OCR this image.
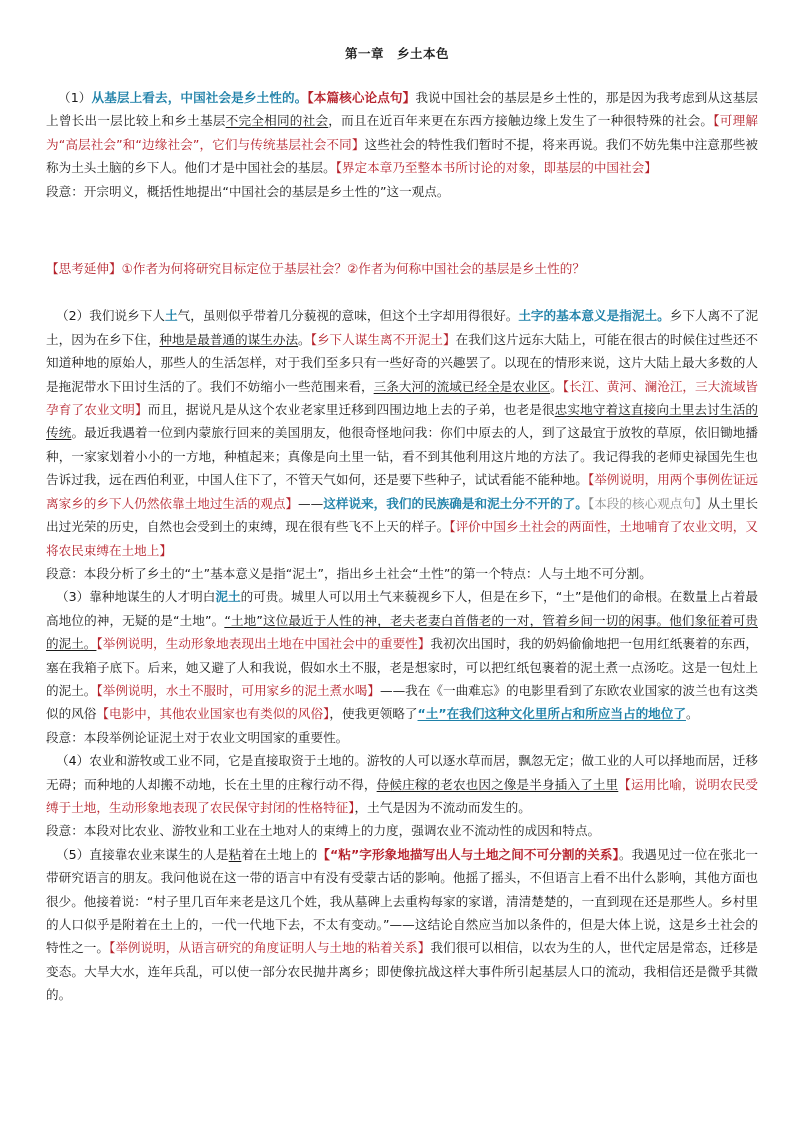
第一章　乡土本色

（1）从基层上看去，中国社会是乡土性的。【本篇核心论点句】我说中国社会的基层是乡土性的，那是因为我考虑到从这基层上曾长出一层比较上和乡土基层不完全相同的社会，而且在近百年来更在东西方接触边缘上发生了一种很特殊的社会。【可理解为“高层社会”和“边缘社会”，它们与传统基层社会不同】这些社会的特性我们暂时不提，将来再说。我们不妨先集中注意那些被称为土头土脑的乡下人。他们才是中国社会的基层。【界定本章乃至整本书所讨论的对象，即基层的中国社会】

段意：开宗明义，概括性地提出“中国社会的基层是乡土性的”这一观点。

【思考延伸】①作者为何将研究目标定位于基层社会？②作者为何称中国社会的基层是乡土性的？

（2）我们说乡下人土气，虽则似乎带着几分藐视的意味，但这个土字却用得很好。土字的基本意义是指泥土。乡下人离不了泥土，因为在乡下住，种地是最普通的谋生办法。【乡下人谋生离不开泥土】在我们这片远东大陆上，可能在很古的时候住过些还不知道种地的原始人，那些人的生活怎样，对于我们至多只有一些好奇的兴趣罢了。以现在的情形来说，这片大陆上最大多数的人是拖泥带水下田讨生活的了。我们不妨缩小一些范围来看，三条大河的流域已经全是农业区。【长江、黄河、澜沧江，三大流域皆孕育了农业文明】而且，据说凡是从这个农业老家里迁移到四围边地上去的子弟，也老是很忠实地守着这直接向土里去讨生活的传统。最近我遇着一位到内蒙旅行回来的美国朋友，他很奇怪地问我：你们中原去的人，到了这最宜于放牧的草原，依旧锄地播种，一家家划着小小的一方地，种植起来；真像是向土里一钻，看不到其他利用这片地的方法了。我记得我的老师史禄国先生也告诉过我，远在西伯利亚，中国人住下了，不管天气如何，还是要下些种子，试试看能不能种地。【举例说明，用两个事例佐证远离家乡的乡下人仍然依靠土地过生活的观点】——这样说来，我们的民族确是和泥土分不开的了。【本段的核心观点句】从土里长出过光荣的历史，自然也会受到土的束缚，现在很有些飞不上天的样子。【评价中国乡土社会的两面性，土地哺育了农业文明，又将农民束缚在土地上】

段意：本段分析了乡土的“土”基本意义是指“泥土”，指出乡土社会“土性”的第一个特点：人与土地不可分割。

（3）靠种地谋生的人才明白泥土的可贵。城里人可以用土气来藐视乡下人，但是在乡下，“土”是他们的命根。在数量上占着最高地位的神，无疑的是“土地”。“土地”这位最近于人性的神，老夫老妻白首偕老的一对，管着乡间一切的闲事。他们象征着可贵的泥土。【举例说明，生动形象地表现出土地在中国社会中的重要性】我初次出国时，我的奶妈偷偷地把一包用红纸裹着的东西，塞在我箱子底下。后来，她又避了人和我说，假如水土不服，老是想家时，可以把红纸包裹着的泥土煮一点汤吃。这是一包灶上的泥土。【举例说明，水土不服时，可用家乡的泥土煮水喝】——我在《一曲难忘》的电影里看到了东欧农业国家的波兰也有这类似的风俗【电影中，其他农业国家也有类似的风俗】，使我更领略了“土”在我们这种文化里所占和所应当占的地位了。

段意：本段举例论证泥土对于农业文明国家的重要性。

（4）农业和游牧或工业不同，它是直接取资于土地的。游牧的人可以逐水草而居，飘忽无定；做工业的人可以择地而居，迁移无碍；而种地的人却搬不动地，长在土里的庄稼行动不得，侍候庄稼的老农也因之像是半身插入了土里【运用比喻，说明农民受缚于土地，生动形象地表现了农民保守封闭的性格特征】，土气是因为不流动而发生的。

段意：本段对比农业、游牧业和工业在土地对人的束缚上的力度，强调农业不流动性的成因和特点。

（5）直接靠农业来谋生的人是粘着在土地上的【“粘”字形象地描写出人与土地之间不可分割的关系】。我遇见过一位在张北一带研究语言的朋友。我问他说在这一带的语言中有没有受蒙古话的影响。他摇了摇头，不但语言上看不出什么影响，其他方面也很少。他接着说：“村子里几百年来老是这几个姓，我从墓碑上去重构每家的家谱，清清楚楚的，一直到现在还是那些人。乡村里的人口似乎是附着在土上的，一代一代地下去，不太有变动。”——这结论自然应当加以条件的，但是大体上说，这是乡土社会的特性之一。【举例说明，从语言研究的角度证明人与土地的粘着关系】我们很可以相信，以农为生的人，世代定居是常态，迁移是变态。大旱大水，连年兵乱，可以使一部分农民抛井离乡；即使像抗战这样大事件所引起基层人口的流动，我相信还是微乎其微的。
